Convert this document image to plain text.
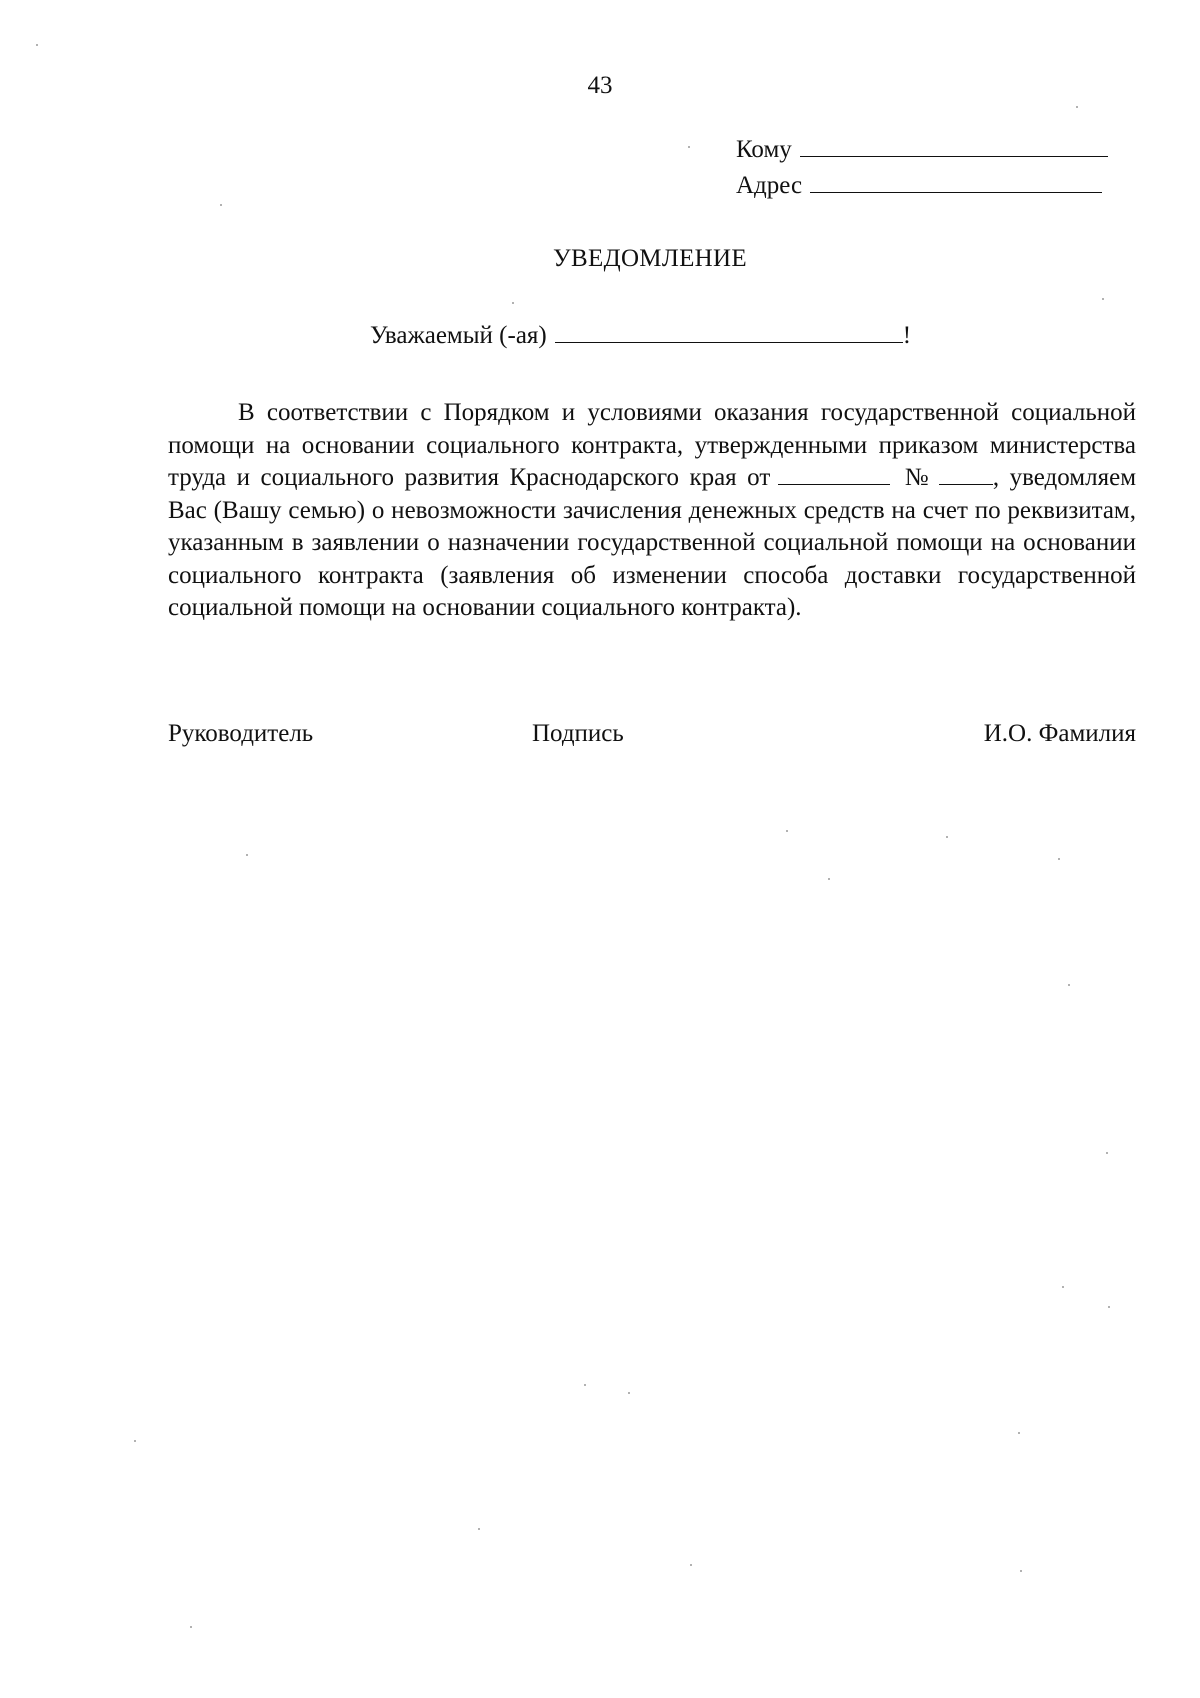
43
Кому
Адрес
УВЕДОМЛЕНИЕ
Уважаемый (-ая)	!
В соответствии с Порядком и условиями оказания государственной социальной помощи на основании социального контракта, утвержденными приказом министерства труда и социального развития Краснодарского края от	№ , уведомляем Вас (Вашу семью) о невозможности зачисления денежных средств на счет по реквизитам, указанным в заявлении о назначении государственной социальной помощи на основании социального контракта (заявления об изменении способа доставки государственной социальной помощи на основании социального контракта).
Руководитель	Подпись	И.О. Фамилия
